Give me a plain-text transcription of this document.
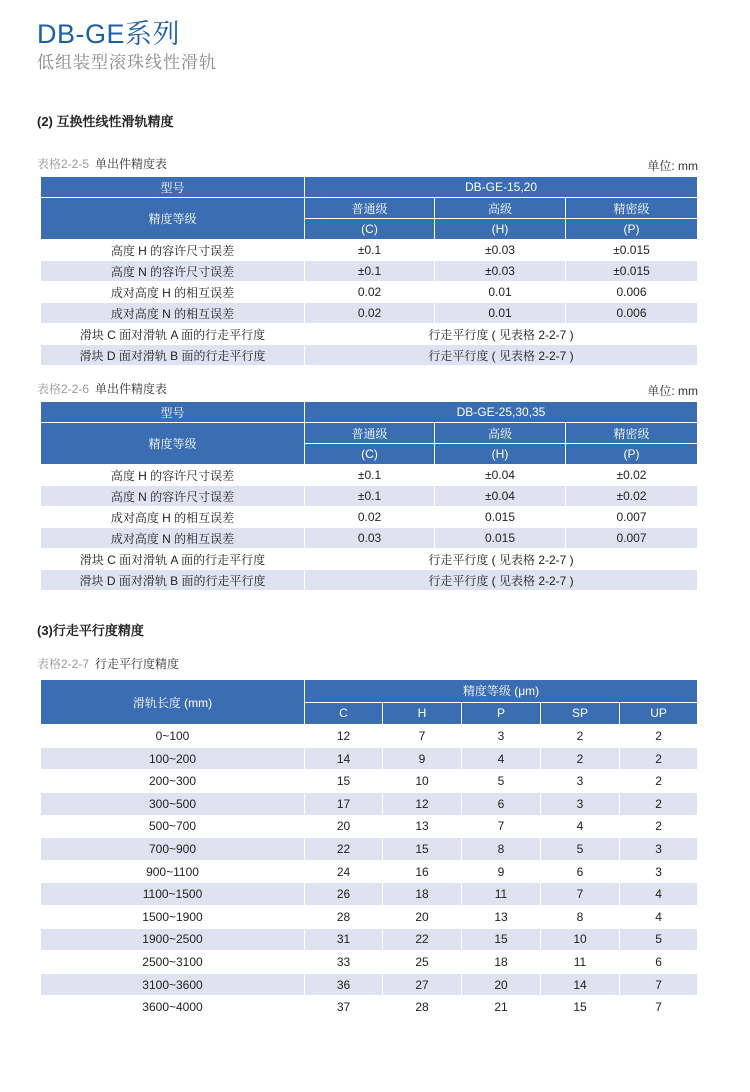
DB-GE系列
低组装型滚珠线性滑轨
(2) 互换性线性滑轨精度
表格2-2-5 单出件精度表	单位: mm
型号	DB-GE-15,20		
精度等级	普通级	高级	精密级
	(C)	(H)	(P)
高度 H 的容许尺寸误差	±0.1	±0.03	±0.015
高度 N 的容许尺寸误差	±0.1	±0.03	±0.015
成对高度 H 的相互误差	0.02	0.01	0.006
成对高度 N 的相互误差	0.02	0.01	0.006
滑块 C 面对滑轨 A 面的行走平行度	行走平行度 ( 见表格 2-2-7 )		
滑块 D 面对滑轨 B 面的行走平行度	行走平行度 ( 见表格 2-2-7 )		
表格2-2-6 单出件精度表	单位: mm
型号	DB-GE-25,30,35		
精度等级	普通级	高级	精密级
	(C)	(H)	(P)
高度 H 的容许尺寸误差	±0.1	±0.04	±0.02
高度 N 的容许尺寸误差	±0.1	±0.04	±0.02
成对高度 H 的相互误差	0.02	0.015	0.007
成对高度 N 的相互误差	0.03	0.015	0.007
滑块 C 面对滑轨 A 面的行走平行度	行走平行度 ( 见表格 2-2-7 )		
滑块 D 面对滑轨 B 面的行走平行度	行走平行度 ( 见表格 2-2-7 )		
(3)行走平行度精度
表格2-2-7 行走平行度精度
滑轨长度 (mm)	精度等级 (μm)				
	C	H	P	SP	UP
0~100	12	7	3	2	2
100~200	14	9	4	2	2
200~300	15	10	5	3	2
300~500	17	12	6	3	2
500~700	20	13	7	4	2
700~900	22	15	8	5	3
900~1100	24	16	9	6	3
1100~1500	26	18	11	7	4
1500~1900	28	20	13	8	4
1900~2500	31	22	15	10	5
2500~3100	33	25	18	11	6
3100~3600	36	27	20	14	7
3600~4000	37	28	21	15	7
